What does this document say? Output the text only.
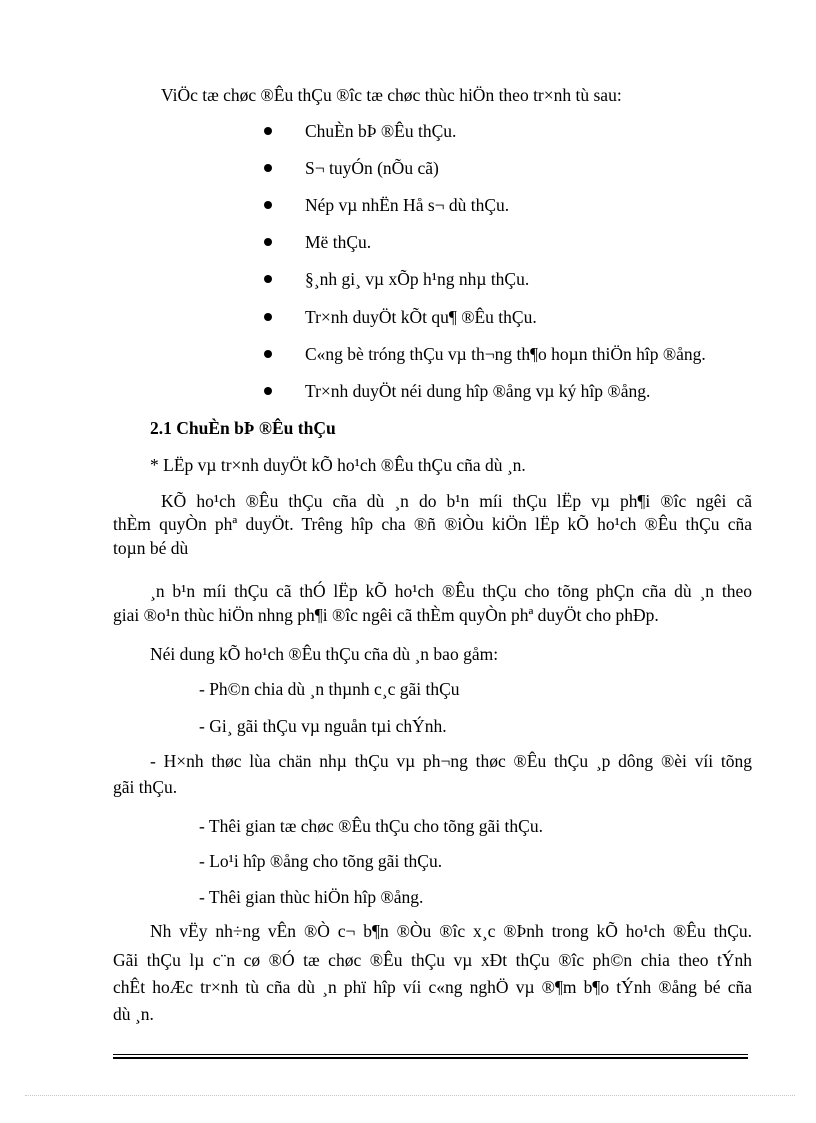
ViÖc tæ chøc ®Êu thÇu ®îc tæ chøc thùc hiÖn theo tr×nh tù sau:
ChuÈn bÞ ®Êu thÇu.
S¬ tuyÓn (nÕu cã)
Nép vµ nhËn Hå s¬ dù thÇu.
Më thÇu.
§¸nh gi¸ vµ xÕp h¹ng nhµ thÇu.
Tr×nh duyÖt kÕt qu¶ ®Êu thÇu.
C«ng bè tróng thÇu vµ th¬ng th¶o hoµn thiÖn hîp ®ång.
Tr×nh duyÖt néi dung hîp ®ång vµ ký hîp ®ång.
2.1 ChuÈn bÞ ®Êu thÇu
* LËp vµ tr×nh duyÖt kÕ ho¹ch ®Êu thÇu cña dù ¸n.
KÕ ho¹ch ®Êu thÇu cña dù ¸n do b¹n míi thÇu lËp vµ ph¶i ®îc ngêi cã
thÈm quyÒn phª duyÖt. Trêng hîp cha ®ñ ®iÒu kiÖn lËp kÕ ho¹ch ®Êu thÇu cña
toµn bé dù
¸n b¹n míi thÇu cã thÓ lËp kÕ ho¹ch ®Êu thÇu cho tõng phÇn cña dù ¸n theo
giai ®o¹n thùc hiÖn nhng ph¶i ®îc ngêi cã thÈm quyÒn phª duyÖt cho phÐp.
Néi dung kÕ ho¹ch ®Êu thÇu cña dù ¸n bao gåm:
- Ph©n chia dù ¸n thµnh c¸c gãi thÇu
- Gi¸ gãi thÇu vµ nguån tµi chÝnh.
- H×nh thøc lùa chän nhµ thÇu vµ ph¬ng thøc ®Êu thÇu ¸p dông ®èi víi tõng
gãi thÇu.
- Thêi gian tæ chøc ®Êu thÇu cho tõng gãi thÇu.
- Lo¹i hîp ®ång cho tõng gãi thÇu.
- Thêi gian thùc hiÖn hîp ®ång.
Nh vËy nh÷ng vÊn ®Ò c¬ b¶n ®Òu ®îc x¸c ®Þnh trong kÕ ho¹ch ®Êu thÇu.
Gãi thÇu lµ c¨n cø ®Ó tæ chøc ®Êu thÇu vµ xÐt thÇu ®îc ph©n chia theo tÝnh
chÊt hoÆc tr×nh tù cña dù ¸n phï hîp víi c«ng nghÖ vµ ®¶m b¶o tÝnh ®ång bé cña
dù ¸n.
